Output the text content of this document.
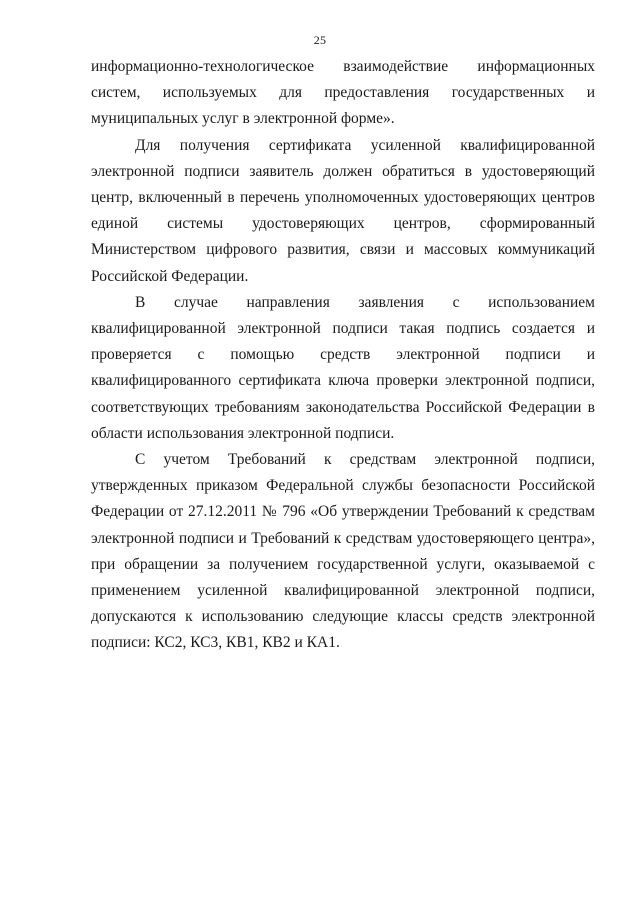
25

информационно-технологическое взаимодействие информационных систем, используемых для предоставления государственных и муниципальных услуг в электронной форме».

Для получения сертификата усиленной квалифицированной электронной подписи заявитель должен обратиться в удостоверяющий центр, включенный в перечень уполномоченных удостоверяющих центров единой системы удостоверяющих центров, сформированный Министерством цифрового развития, связи и массовых коммуникаций Российской Федерации.

В случае направления заявления с использованием квалифицированной электронной подписи такая подпись создается и проверяется с помощью средств электронной подписи и квалифицированного сертификата ключа проверки электронной подписи, соответствующих требованиям законодательства Российской Федерации в области использования электронной подписи.

С учетом Требований к средствам электронной подписи, утвержденных приказом Федеральной службы безопасности Российской Федерации от 27.12.2011 № 796 «Об утверждении Требований к средствам электронной подписи и Требований к средствам удостоверяющего центра», при обращении за получением государственной услуги, оказываемой с применением усиленной квалифицированной электронной подписи, допускаются к использованию следующие классы средств электронной подписи: КС2, КС3, КВ1, КВ2 и КА1.
